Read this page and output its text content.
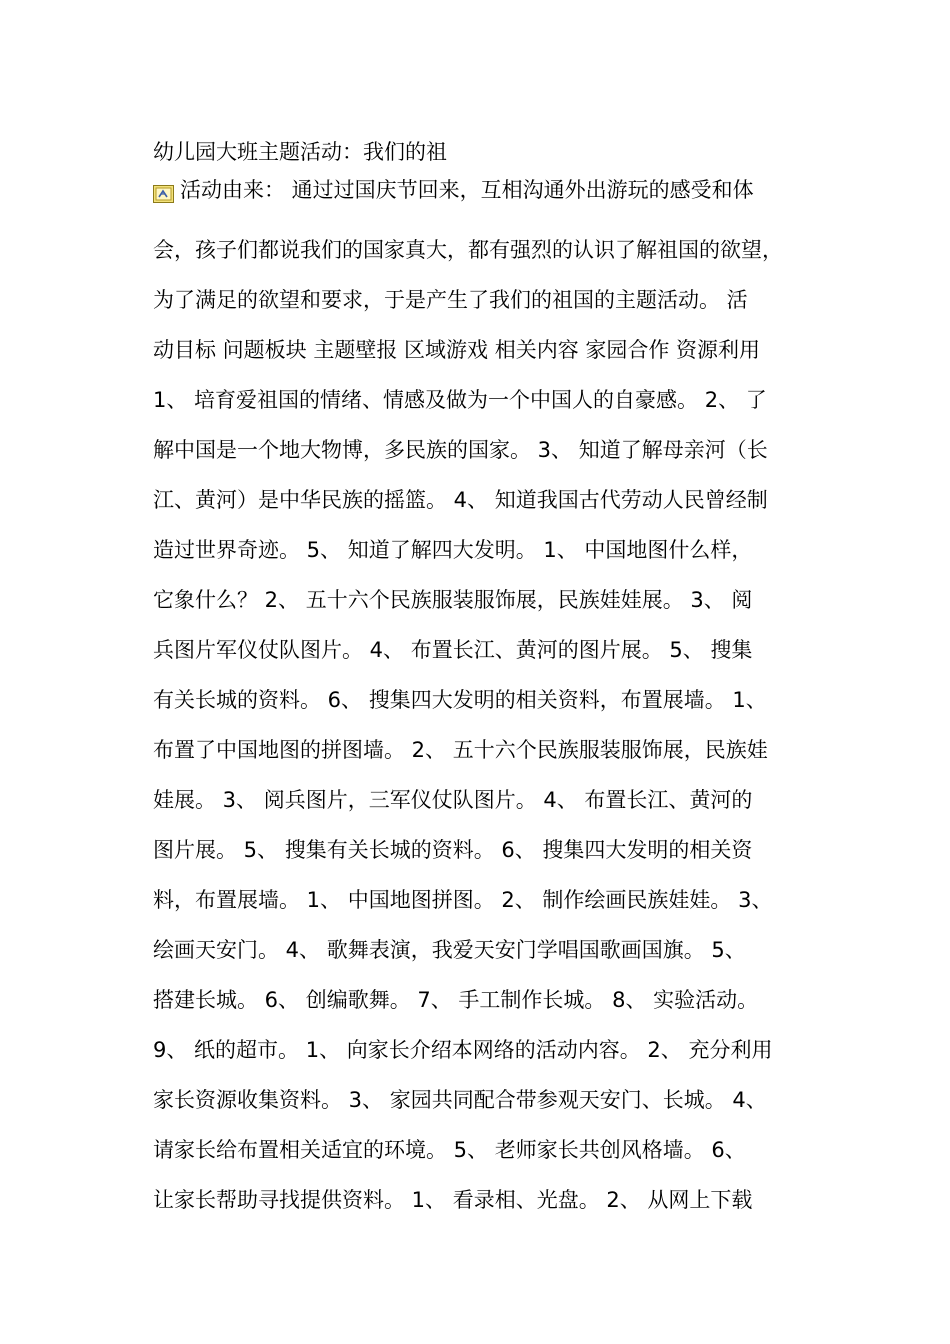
幼儿园大班主题活动：我们的祖
活动由来： 通过过国庆节回来，互相沟通外出游玩的感受和体
会，孩子们都说我们的国家真大，都有强烈的认识了解祖国的欲望，
为了满足的欲望和要求，于是产生了我们的祖国的主题活动。 活
动目标 问题板块 主题壁报 区域游戏 相关内容 家园合作 资源利用
1、 培育爱祖国的情绪、情感及做为一个中国人的自豪感。 2、 了
解中国是一个地大物博，多民族的国家。 3、 知道了解母亲河（长
江、黄河）是中华民族的摇篮。 4、 知道我国古代劳动人民曾经制
造过世界奇迹。 5、 知道了解四大发明。 1、 中国地图什么样，
它象什么？ 2、 五十六个民族服装服饰展，民族娃娃展。 3、 阅
兵图片军仪仗队图片。 4、 布置长江、黄河的图片展。 5、 搜集
有关长城的资料。 6、 搜集四大发明的相关资料，布置展墙。 1、
布置了中国地图的拼图墙。 2、 五十六个民族服装服饰展，民族娃
娃展。 3、 阅兵图片，三军仪仗队图片。 4、 布置长江、黄河的
图片展。 5、 搜集有关长城的资料。 6、 搜集四大发明的相关资
料，布置展墙。 1、 中国地图拼图。 2、 制作绘画民族娃娃。 3、
绘画天安门。 4、 歌舞表演，我爱天安门学唱国歌画国旗。 5、
搭建长城。 6、 创编歌舞。 7、 手工制作长城。 8、 实验活动。
9、 纸的超市。 1、 向家长介绍本网络的活动内容。 2、 充分利用
家长资源收集资料。 3、 家园共同配合带参观天安门、长城。 4、
请家长给布置相关适宜的环境。 5、 老师家长共创风格墙。 6、
让家长帮助寻找提供资料。 1、 看录相、光盘。 2、 从网上下载
